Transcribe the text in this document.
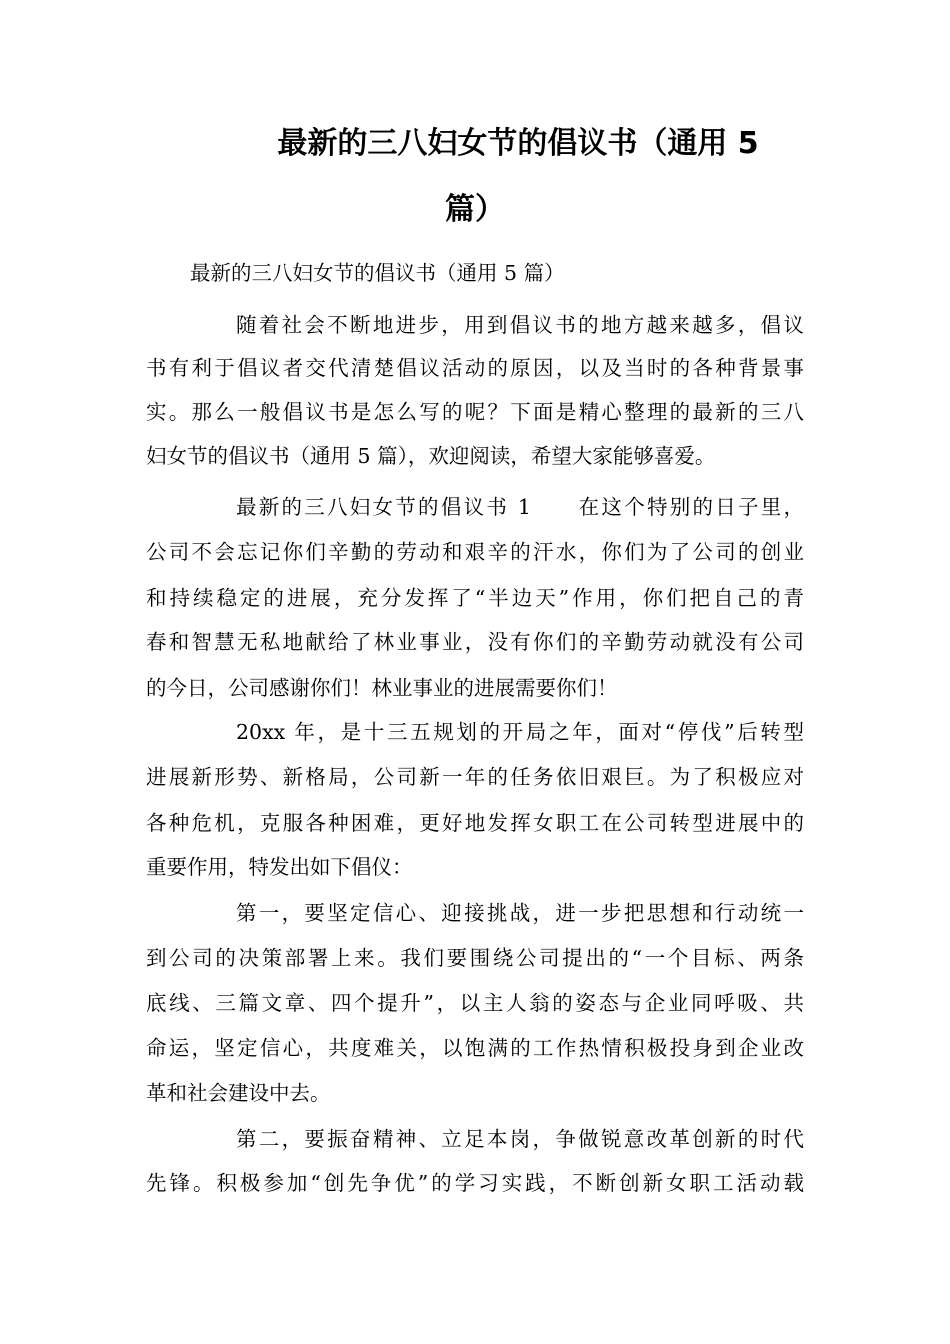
最新的三八妇女节的倡议书（通用 5
篇）

最新的三八妇女节的倡议书（通用 5 篇）

随着社会不断地进步，用到倡议书的地方越来越多，倡议

书有利于倡议者交代清楚倡议活动的原因，以及当时的各种背景事

实。那么一般倡议书是怎么写的呢？下面是精心整理的最新的三八

妇女节的倡议书（通用 5 篇），欢迎阅读，希望大家能够喜爱。

最新的三八妇女节的倡议书 1　　在这个特别的日子里，

公司不会忘记你们辛勤的劳动和艰辛的汗水，你们为了公司的创业

和持续稳定的进展，充分发挥了“半边天”作用，你们把自己的青

春和智慧无私地献给了林业事业，没有你们的辛勤劳动就没有公司

的今日，公司感谢你们！林业事业的进展需要你们！

20xx 年，是十三五规划的开局之年，面对“停伐”后转型

进展新形势、新格局，公司新一年的任务依旧艰巨。为了积极应对

各种危机，克服各种困难，更好地发挥女职工在公司转型进展中的

重要作用，特发出如下倡仪：

第一，要坚定信心、迎接挑战，进一步把思想和行动统一

到公司的决策部署上来。我们要围绕公司提出的“一个目标、两条

底线、三篇文章、四个提升”，以主人翁的姿态与企业同呼吸、共

命运，坚定信心，共度难关，以饱满的工作热情积极投身到企业改

革和社会建设中去。

第二，要振奋精神、立足本岗，争做锐意改革创新的时代

先锋。积极参加“创先争优”的学习实践，不断创新女职工活动载
